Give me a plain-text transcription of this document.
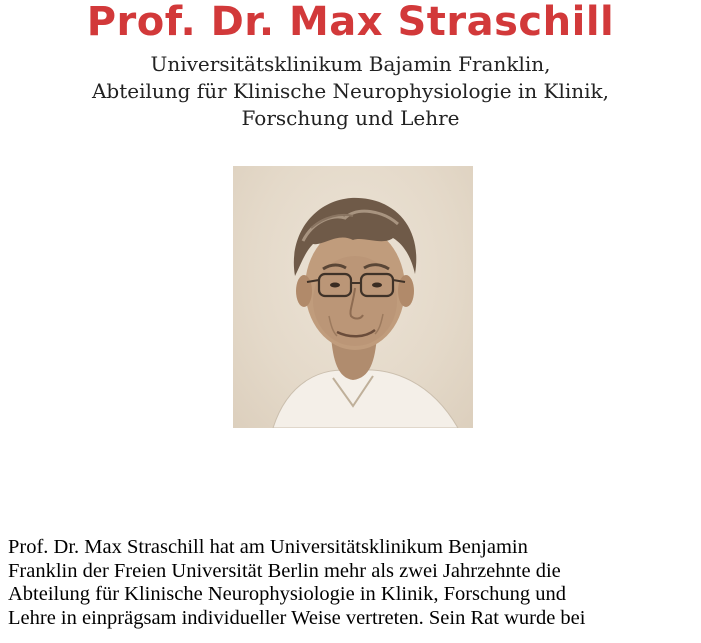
Prof. Dr. Max Straschill
Universitätsklinikum Bajamin Franklin,
Abteilung für Klinische Neurophysiologie in Klinik,
Forschung und Lehre

Prof. Dr. Max Straschill hat am Universitätsklinikum Benjamin
Franklin der Freien Universität Berlin mehr als zwei Jahrzehnte die
Abteilung für Klinische Neurophysiologie in Klinik, Forschung und
Lehre in einprägsam individueller Weise vertreten. Sein Rat wurde bei
